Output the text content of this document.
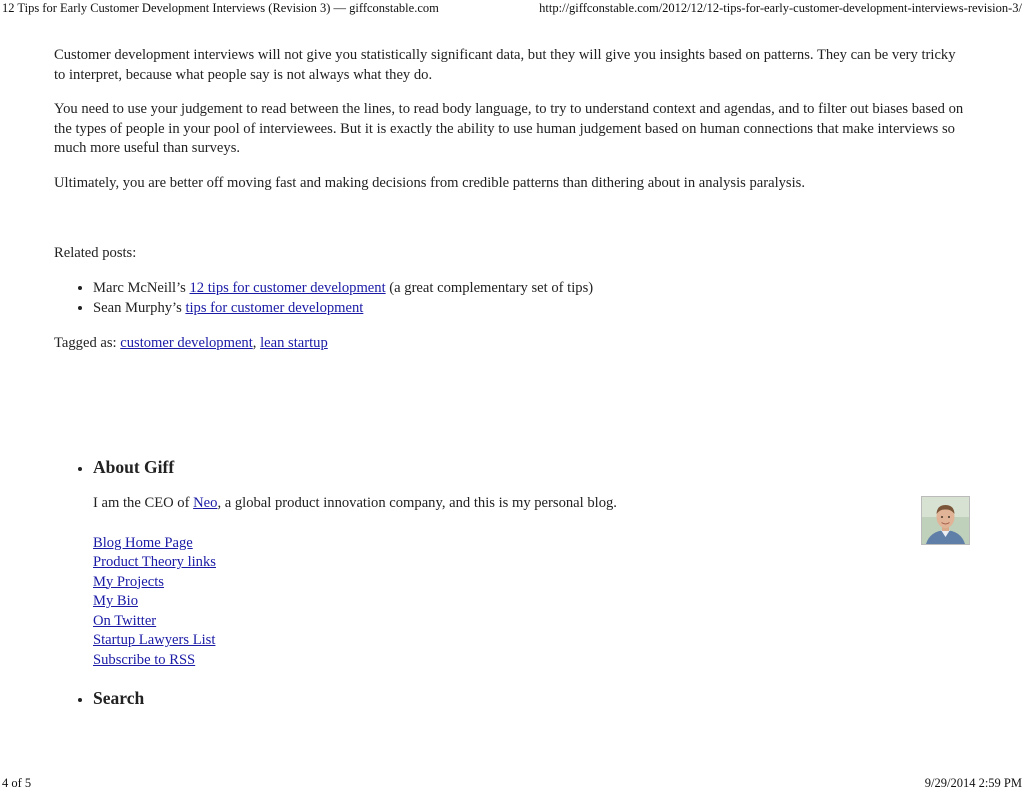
12 Tips for Early Customer Development Interviews (Revision 3) — giffconstable.com	http://giffconstable.com/2012/12/12-tips-for-early-customer-development-interviews-revision-3/

Customer development interviews will not give you statistically significant data, but they will give you insights based on patterns. They can be very tricky to interpret, because what people say is not always what they do.

You need to use your judgement to read between the lines, to read body language, to try to understand context and agendas, and to filter out biases based on the types of people in your pool of interviewees. But it is exactly the ability to use human judgement based on human connections that make interviews so much more useful than surveys.

Ultimately, you are better off moving fast and making decisions from credible patterns than dithering about in analysis paralysis.

Related posts:
• Marc McNeill’s 12 tips for customer development (a great complementary set of tips)
• Sean Murphy’s tips for customer development
Tagged as: customer development, lean startup
• About Giff
I am the CEO of Neo, a global product innovation company, and this is my personal blog.
Blog Home Page
Product Theory links
My Projects
My Bio
On Twitter
Startup Lawyers List
Subscribe to RSS
• Search
4 of 5	9/29/2014 2:59 PM
